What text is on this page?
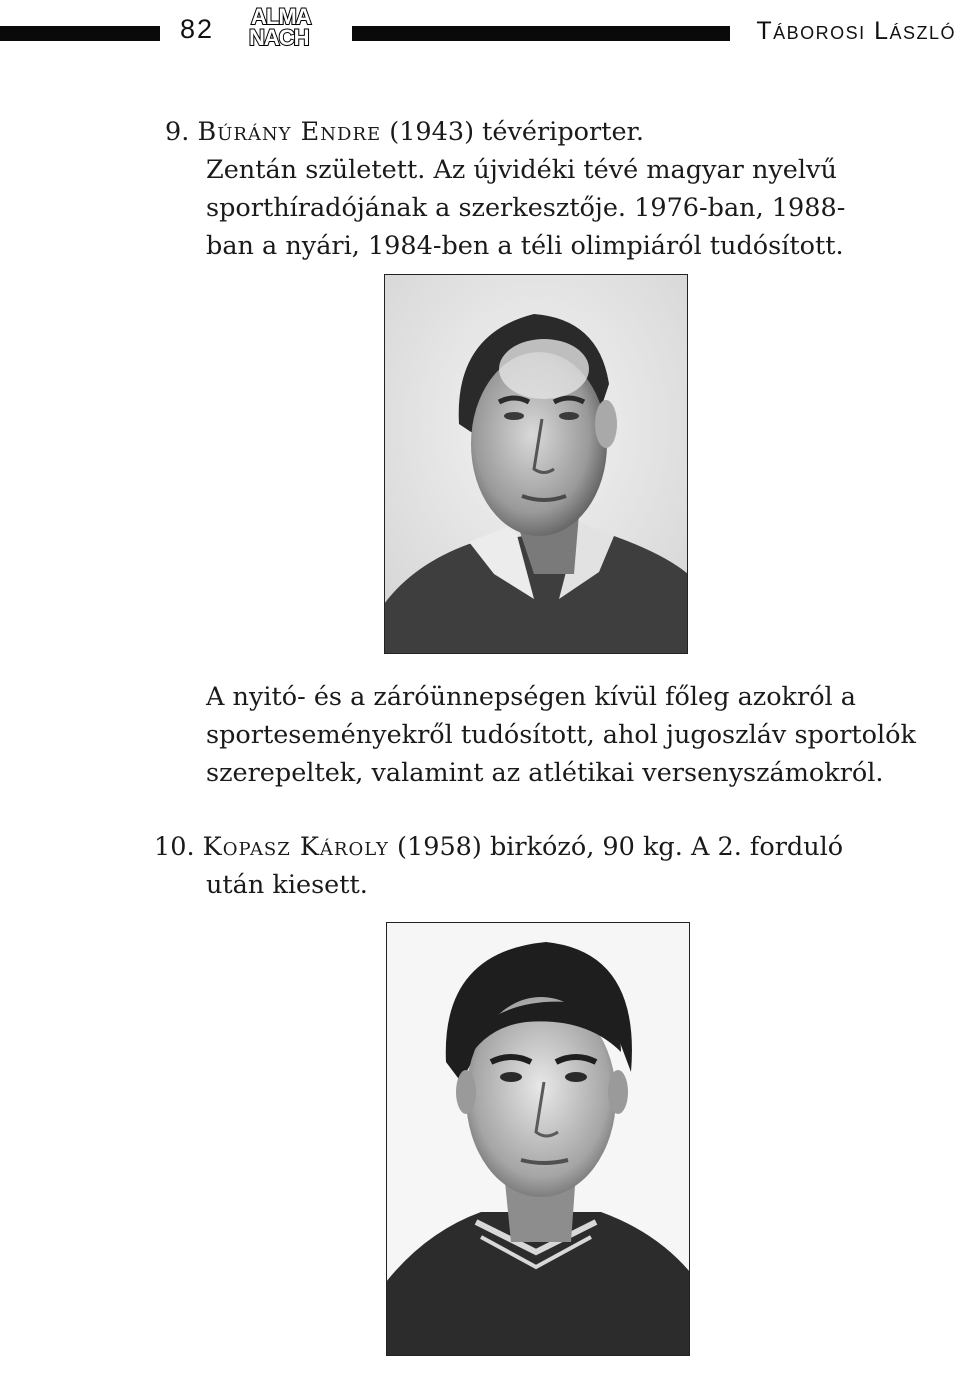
82 ALMA
NACH	Táborosi László

9. Búrány Endre (1943) tévériporter.

Zentán született. Az újvidéki tévé magyar nyelvű

sporthíradójának a szerkesztője. 1976-ban, 1988-

ban a nyári, 1984-ben a téli olimpiáról tudósított.

A nyitó- és a záróünnepségen kívül főleg azokról a

sporteseményekről tudósított, ahol jugoszláv sportolók

szerepeltek, valamint az atlétikai versenyszámokról.

10. Kopasz Károly (1958) birkózó, 90 kg. A 2. forduló

után kiesett.
